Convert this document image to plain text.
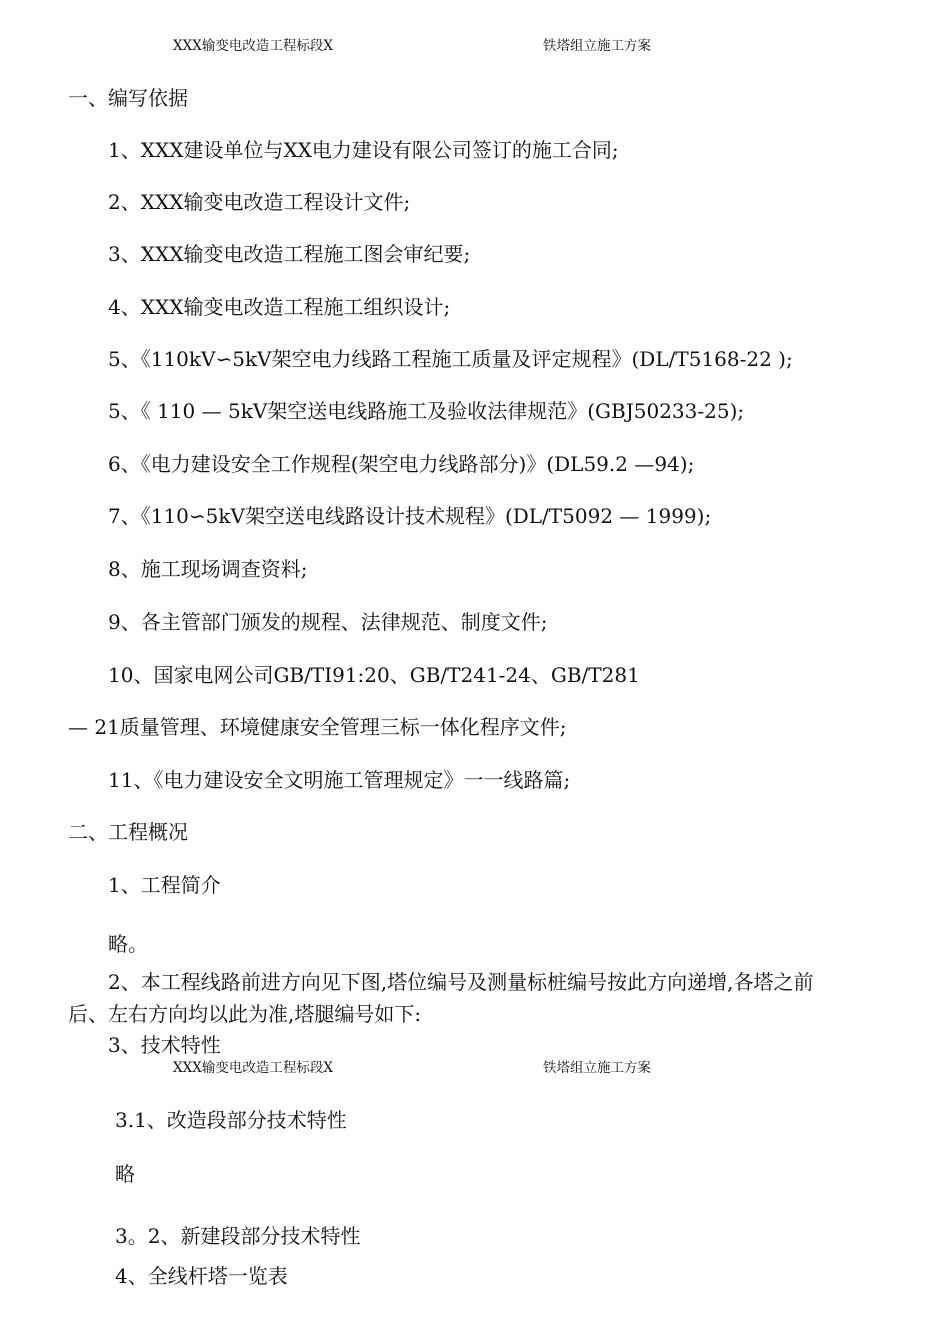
XXX输变电改造工程标段X	铁塔组立施工方案
一、编写依据
1、XXX建设单位与XX电力建设有限公司签订的施工合同;
2、XXX输变电改造工程设计文件;
3、XXX输变电改造工程施工图会审纪要;
4、XXX输变电改造工程施工组织设计;
5、《110kV∽5kV架空电力线路工程施工质量及评定规程》(DL/T5168-22 );
5、《 110 — 5kV架空送电线路施工及验收法律规范》(GBJ50233-25);
6、《电力建设安全工作规程(架空电力线路部分)》(DL59.2 —94);
7、《110∽5kV架空送电线路设计技术规程》(DL/T5092 — 1999);
8、施工现场调查资料;
9、各主管部门颁发的规程、法律规范、制度文件;
10、国家电网公司GB/TI91:20、GB/T241-24、GB/T281
— 21质量管理、环境健康安全管理三标一体化程序文件;
11、《电力建设安全文明施工管理规定》一一线路篇;
二、工程概况
1、工程简介
略。
2、本工程线路前进方向见下图,塔位编号及测量标桩编号按此方向递增,各塔之前
后、左右方向均以此为准,塔腿编号如下:
3、技术特性
XXX输变电改造工程标段X	铁塔组立施工方案
3.1、改造段部分技术特性
略
3。2、新建段部分技术特性
4、全线杆塔一览表
